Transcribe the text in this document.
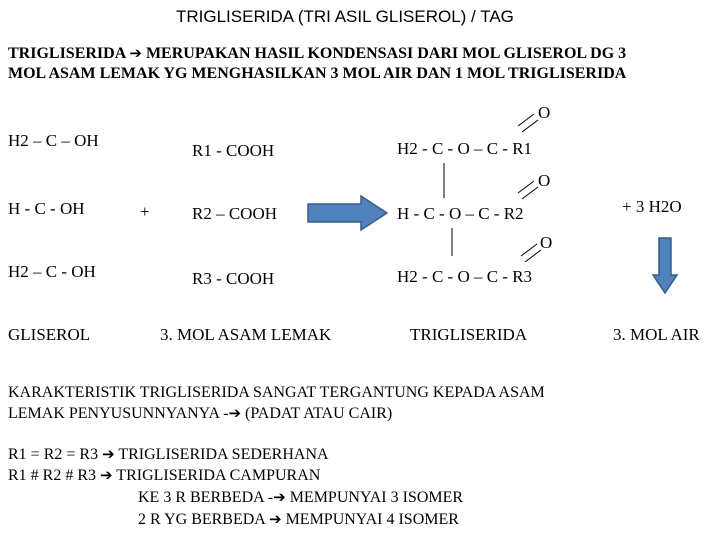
TRIGLISERIDA (TRI ASIL GLISEROL) / TAG
TRIGLISERIDA ➔ MERUPAKAN HASIL KONDENSASI DARI MOL GLISEROL DG 3
MOL ASAM LEMAK YG MENGHASILKAN 3 MOL AIR DAN 1 MOL TRIGLISERIDA
H2 – C – OH
H - C - OH
H2 – C - OH
+
R1 - COOH
R2 – COOH
R3 - COOH
O
O
O
H2 - C - O – C - R1
H - C - O – C - R2
H2 - C - O – C - R3
+ 3 H2O
GLISEROL	3. MOL ASAM LEMAK	TRIGLISERIDA	3. MOL AIR
KARAKTERISTIK TRIGLISERIDA SANGAT TERGANTUNG KEPADA ASAM
LEMAK PENYUSUNNYANYA -➔ (PADAT ATAU CAIR)
R1 = R2 = R3 ➔ TRIGLISERIDA SEDERHANA
R1 # R2 # R3 ➔ TRIGLISERIDA CAMPURAN
KE 3 R BERBEDA -➔ MEMPUNYAI 3 ISOMER
2 R YG BERBEDA ➔ MEMPUNYAI 4 ISOMER
